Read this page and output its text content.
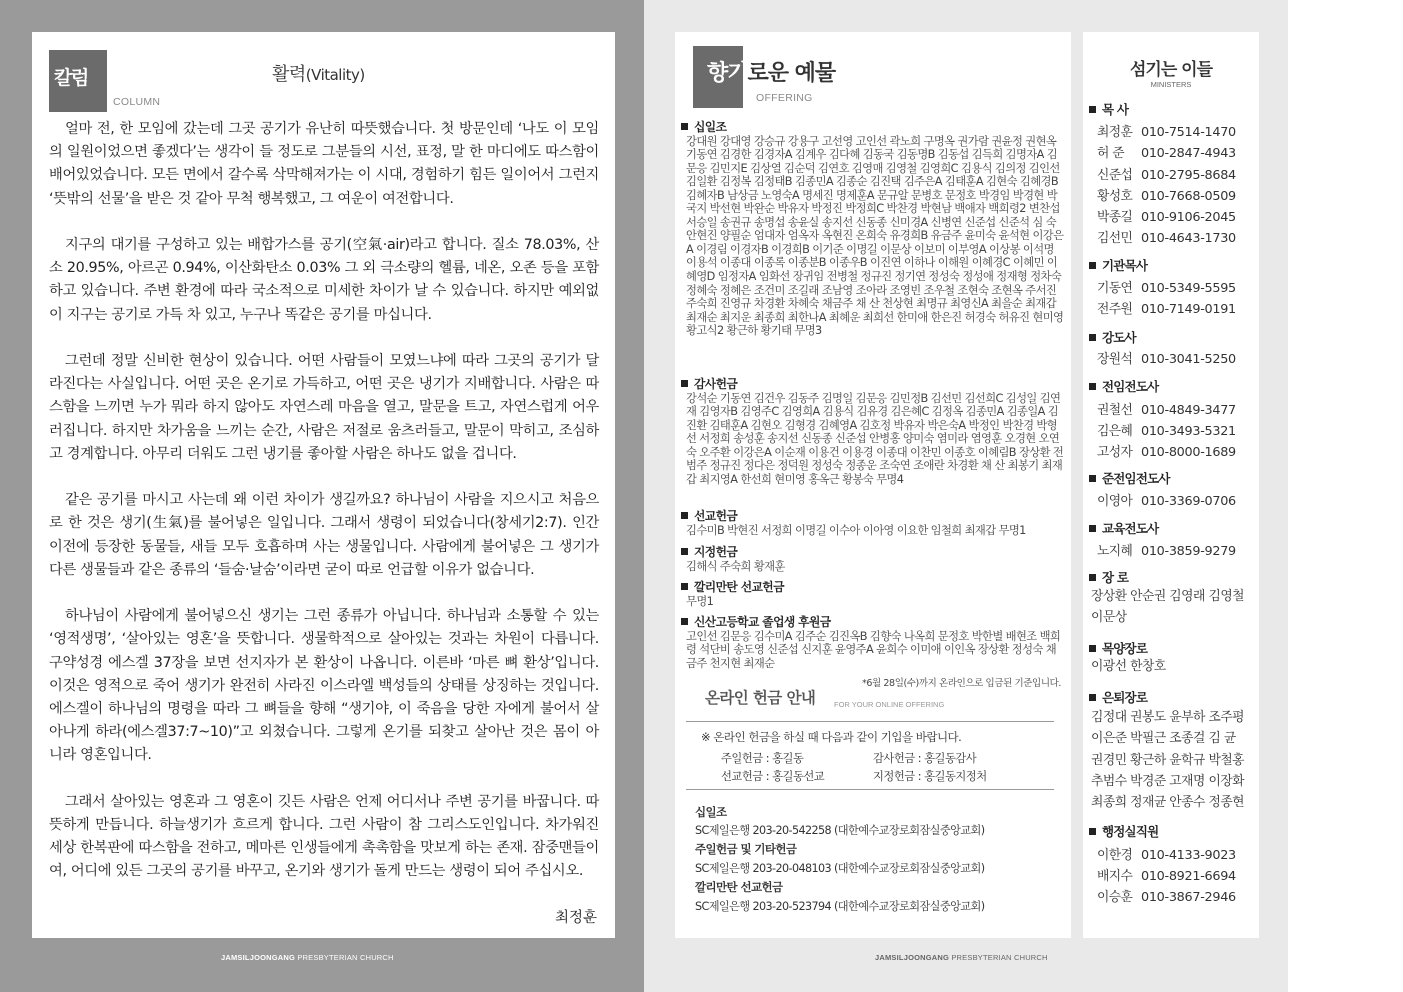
칼럼
COLUMN
활력(Vitality)

얼마 전, 한 모임에 갔는데 그곳 공기가 유난히 따뜻했습니다. 첫 방문인데 ‘나도 이 모임의 일원이었으면 좋겠다’는 생각이 들 정도로 그분들의 시선, 표정, 말 한 마디에도 따스함이 배어있었습니다. 모든 면에서 갈수록 삭막해져가는 이 시대, 경험하기 힘든 일이어서 그런지 ‘뜻밖의 선물’을 받은 것 같아 무척 행복했고, 그 여운이 여전합니다.

지구의 대기를 구성하고 있는 배합가스를 공기(空氣·air)라고 합니다. 질소 78.03%, 산소 20.95%, 아르곤 0.94%, 이산화탄소 0.03% 그 외 극소량의 헬륨, 네온, 오존 등을 포함하고 있습니다. 주변 환경에 따라 국소적으로 미세한 차이가 날 수 있습니다. 하지만 예외없이 지구는 공기로 가득 차 있고, 누구나 똑같은 공기를 마십니다.

그런데 정말 신비한 현상이 있습니다. 어떤 사람들이 모였느냐에 따라 그곳의 공기가 달라진다는 사실입니다. 어떤 곳은 온기로 가득하고, 어떤 곳은 냉기가 지배합니다. 사람은 따스함을 느끼면 누가 뭐라 하지 않아도 자연스레 마음을 열고, 말문을 트고, 자연스럽게 어우러집니다. 하지만 차가움을 느끼는 순간, 사람은 저절로 움츠러들고, 말문이 막히고, 조심하고 경계합니다. 아무리 더워도 그런 냉기를 좋아할 사람은 하나도 없을 겁니다.

같은 공기를 마시고 사는데 왜 이런 차이가 생길까요? 하나님이 사람을 지으시고 처음으로 한 것은 생기(生氣)를 불어넣은 일입니다. 그래서 생령이 되었습니다(창세기2:7). 인간 이전에 등장한 동물들, 새들 모두 호흡하며 사는 생물입니다. 사람에게 불어넣은 그 생기가 다른 생물들과 같은 종류의 ‘들숨·날숨’이라면 굳이 따로 언급할 이유가 없습니다.

하나님이 사람에게 불어넣으신 생기는 그런 종류가 아닙니다. 하나님과 소통할 수 있는 ‘영적생명’, ‘살아있는 영혼’을 뜻합니다. 생물학적으로 살아있는 것과는 차원이 다릅니다. 구약성경 에스겔 37장을 보면 선지자가 본 환상이 나옵니다. 이른바 ‘마른 뼈 환상’입니다. 이것은 영적으로 죽어 생기가 완전히 사라진 이스라엘 백성들의 상태를 상징하는 것입니다. 에스겔이 하나님의 명령을 따라 그 뼈들을 향해 “생기야, 이 죽음을 당한 자에게 불어서 살아나게 하라(에스겔37:7~10)”고 외쳤습니다. 그렇게 온기를 되찾고 살아난 것은 몸이 아니라 영혼입니다.

그래서 살아있는 영혼과 그 영혼이 깃든 사람은 언제 어디서나 주변 공기를 바꿉니다. 따뜻하게 만듭니다. 하늘생기가 흐르게 합니다. 그런 사람이 참 그리스도인입니다. 차가워진 세상 한복판에 따스함을 전하고, 메마른 인생들에게 촉촉함을 맛보게 하는 존재. 잠중맨들이여, 어디에 있든 그곳의 공기를 바꾸고, 온기와 생기가 돌게 만드는 생령이 되어 주십시오.

최정훈
JAMSILJOONGANG PRESBYTERIAN CHURCH
향기로운 예물
OFFERING
십일조
강대원 강대영 강승규 강용구 고선영 고인선 곽노희 구명옥 권가람 권윤정 권현옥 기동연 김경한 김경자A 김계우 김다혜 김동국 김동명B 김동섭 김득희 김명자A 김문응 김민지E 김상열 김순덕 김연호 김영매 김영철 김영희C 김용식 김의정 김인선 김일환 김정복 김정태B 김종민A 김종순 김진택 김주은A 김태훈A 김현숙 김혜경B 김혜자B 남상금 노영숙A 명세진 명제훈A 문규알 문병호 문정호 박경임 박경현 박국지 박선현 박완순 박유자 박정진 박정희C 박찬경 박현남 백애자 백희령2 변찬섭 서승일 송권규 송명섭 송윤실 송지선 신동종 신미경A 신병연 신준섭 신준석 심 숙 안현진 양필순 엄대자 엄옥자 옥현진 온희숙 유경희B 유금주 윤미숙 윤석현 이강은A 이경림 이경자B 이경희B 이기준 이명길 이문상 이보미 이부영A 이상봉 이석명 이용석 이종대 이종록 이종분B 이종우B 이진연 이하나 이해원 이혜경C 이혜민 이혜영D 임정자A 임화선 장귀임 전병철 정규진 정기연 정성숙 정성애 정재형 정차숙 정혜숙 정혜은 조건미 조길래 조남영 조아라 조영빈 조우철 조현숙 조현옥 주서진 주숙희 진영규 차경환 차혜숙 채금주 채 산 천상현 최명규 최영신A 최을순 최재갑 최재순 최지운 최종희 최한나A 최혜운 최희선 한미애 한은진 허경숙 허유진 현미영 황고식2 황근하 황기태 무명3
감사헌금
강석순 기동연 김건우 김동주 김명일 김문응 김민정B 김선민 김선희C 김성일 김연재 김영자B 김영주C 김영희A 김용식 김유경 김은혜C 김정옥 김종민A 김종일A 김진환 김태훈A 김현오 김형경 김혜영A 김호정 박유자 박은숙A 박정인 박찬경 박형선 서정희 송성훈 송지선 신동종 신준섭 안병홍 양미숙 염미라 염영훈 오경현 오연숙 오주환 이강은A 이순재 이용건 이용경 이종대 이찬민 이종호 이혜림B 장상환 전범주 정규진 정다은 정덕원 정성숙 정종운 조숙연 조애란 차경환 채 산 최봉기 최재갑 최지영A 한선희 현미영 홍옥근 황봉숙 무명4
선교헌금
김수미B 박현진 서정희 이명길 이수아 이아영 이요한 임철희 최재갑 무명1
지정헌금
김해식 주숙희 황재훈
깔리만탄 선교헌금
무명1
신산고등학교 졸업생 후원금
고인선 김문응 김수미A 김주순 김진옥B 김향숙 나옥희 문정호 박한별 배현조 백희령 석단비 송도영 신준섭 신지훈 윤영주A 윤희수 이미애 이인옥 장상환 정성숙 채금주 천지현 최재순
*6월 28일(수)까지 온라인으로 입금된 기준입니다.
온라인 헌금 안내	FOR YOUR ONLINE OFFERING
※ 온라인 헌금을 하실 때 다음과 같이 기입을 바랍니다.
주일헌금 : 홍길동	감사헌금 : 홍길동감사
선교헌금 : 홍길동선교	지정헌금 : 홍길동지정처
십일조
SC제일은행 203-20-542258 (대한예수교장로회잠실중앙교회)
주일헌금 및 기타헌금
SC제일은행 203-20-048103 (대한예수교장로회잠실중앙교회)
깔리만탄 선교헌금
SC제일은행 203-20-523794 (대한예수교장로회잠실중앙교회)
JAMSILJOONGANG PRESBYTERIAN CHURCH
섬기는 이들
MINISTERS
목 사
최정훈 010-7514-1470
허 준 010-2847-4943
신준섭 010-2795-8684
황성호 010-7668-0509
박종길 010-9106-2045
김선민 010-4643-1730
기관목사
기동연 010-5349-5595
전주원 010-7149-0191
강도사
장원석 010-3041-5250
전임전도사
권철선 010-4849-3477
김은혜 010-3493-5321
고성자 010-8000-1689
준전임전도사
이영아 010-3369-0706
교육전도사
노지혜 010-3859-9279
장 로
장상환 안순권 김영래 김영철 이문상
목양장로
이광선 한창호
은퇴장로
김정대 권봉도 윤부하 조주평
이은준 박필근 조종걸 김 균
권경민 황근하 윤학규 박철홍
추범수 박경준 고재명 이장화
최종희 정재균 안종수 정종현
행정실직원
이한경 010-4133-9023
배지수 010-8921-6694
이승훈 010-3867-2946
